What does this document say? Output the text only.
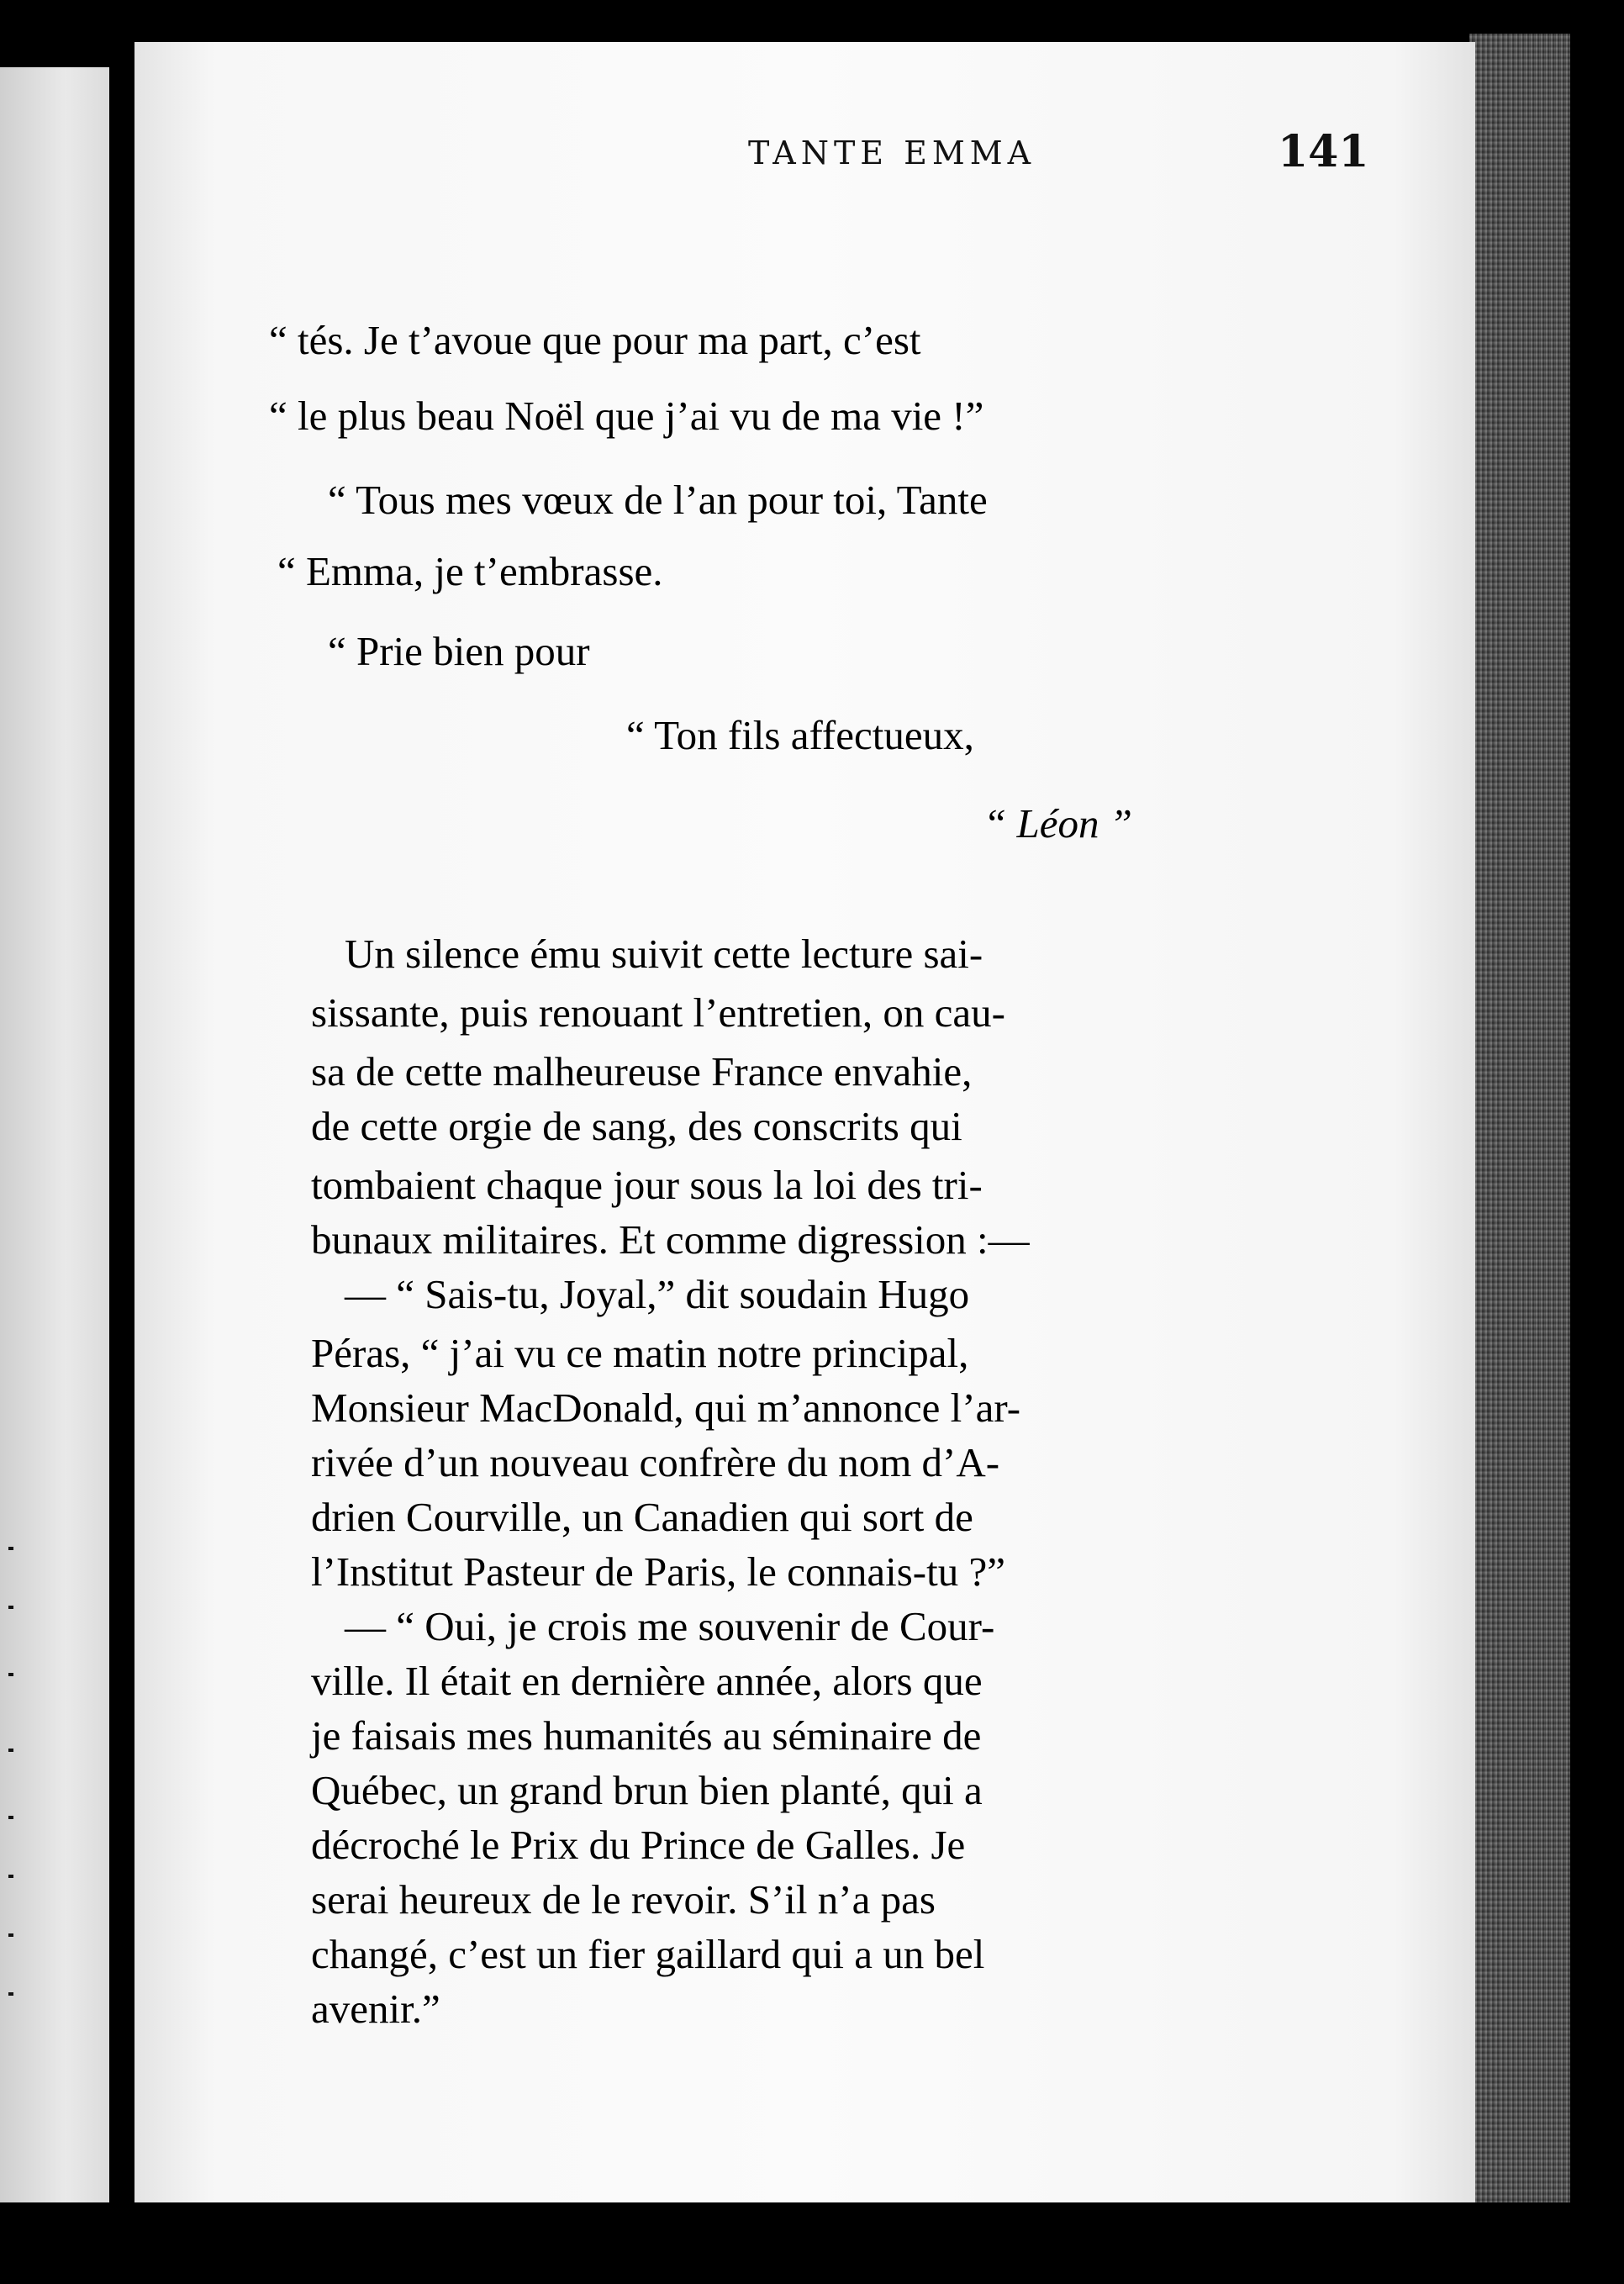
TANTE EMMA	141
“ tés. Je t’avoue que pour ma part, c’est
“ le plus beau Noël que j’ai vu de ma vie !”
“ Tous mes vœux de l’an pour toi, Tante
“ Emma, je t’embrasse.
“ Prie bien pour
“ Ton fils affectueux,
“ Léon ”
Un silence ému suivit cette lecture sai-
sissante, puis renouant l’entretien, on cau-
sa de cette malheureuse France envahie,
de cette orgie de sang, des conscrits qui
tombaient chaque jour sous la loi des tri-
bunaux militaires. Et comme digression :—
— “ Sais-tu, Joyal,” dit soudain Hugo
Péras, “ j’ai vu ce matin notre principal,
Monsieur MacDonald, qui m’annonce l’ar-
rivée d’un nouveau confrère du nom d’A-
drien Courville, un Canadien qui sort de
l’Institut Pasteur de Paris, le connais-tu ?”
— “ Oui, je crois me souvenir de Cour-
ville. Il était en dernière année, alors que
je faisais mes humanités au séminaire de
Québec, un grand brun bien planté, qui a
décroché le Prix du Prince de Galles. Je
serai heureux de le revoir. S’il n’a pas
changé, c’est un fier gaillard qui a un bel
avenir.”
